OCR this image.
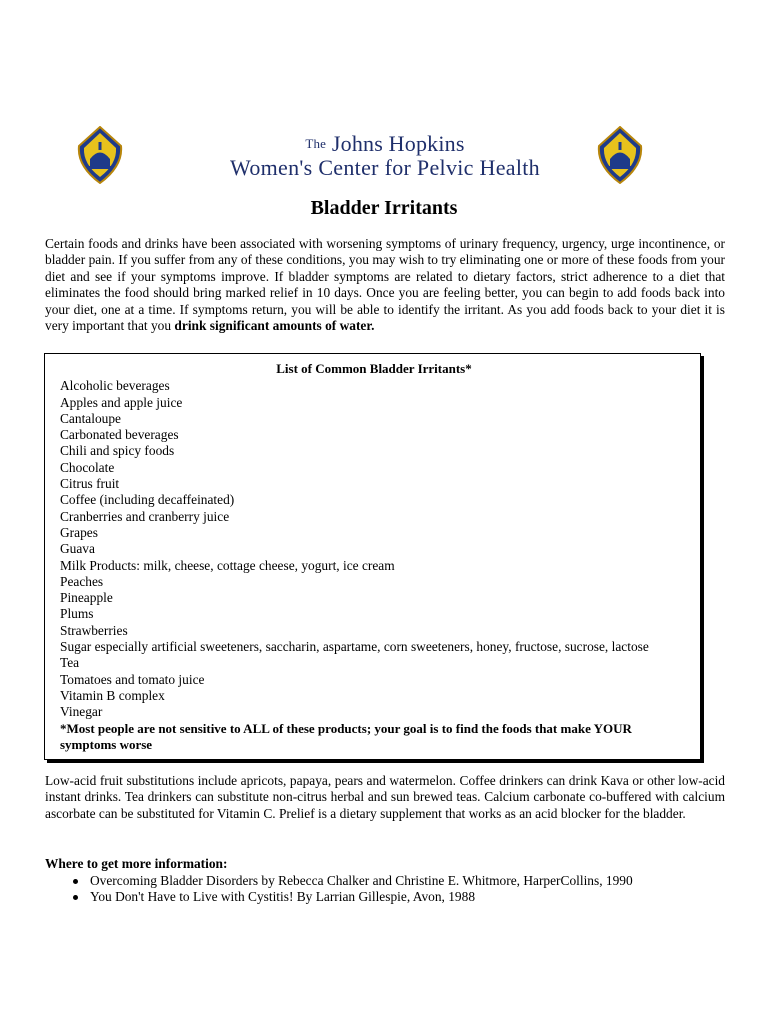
The Johns Hopkins
Women's Center for Pelvic Health
Bladder Irritants

Certain foods and drinks have been associated with worsening symptoms of urinary frequency, urgency, urge incontinence, or bladder pain. If you suffer from any of these conditions, you may wish to try eliminating one or more of these foods from your diet and see if your symptoms improve. If bladder symptoms are related to dietary factors, strict adherence to a diet that eliminates the food should bring marked relief in 10 days. Once you are feeling better, you can begin to add foods back into your diet, one at a time. If symptoms return, you will be able to identify the irritant. As you add foods back to your diet it is very important that you drink significant amounts of water.

List of Common Bladder Irritants*
Alcoholic beverages
Apples and apple juice
Cantaloupe
Carbonated beverages
Chili and spicy foods
Chocolate
Citrus fruit
Coffee (including decaffeinated)
Cranberries and cranberry juice
Grapes
Guava
Milk Products: milk, cheese, cottage cheese, yogurt, ice cream
Peaches
Pineapple
Plums
Strawberries
Sugar especially artificial sweeteners, saccharin, aspartame, corn sweeteners, honey, fructose, sucrose, lactose
Tea
Tomatoes and tomato juice
Vitamin B complex
Vinegar
*Most people are not sensitive to ALL of these products; your goal is to find the foods that make YOUR symptoms worse

Low-acid fruit substitutions include apricots, papaya, pears and watermelon. Coffee drinkers can drink Kava or other low-acid instant drinks. Tea drinkers can substitute non-citrus herbal and sun brewed teas. Calcium carbonate co-buffered with calcium ascorbate can be substituted for Vitamin C. Prelief is a dietary supplement that works as an acid blocker for the bladder.

Where to get more information:
Overcoming Bladder Disorders by Rebecca Chalker and Christine E. Whitmore, HarperCollins, 1990
You Don't Have to Live with Cystitis! By Larrian Gillespie, Avon, 1988
